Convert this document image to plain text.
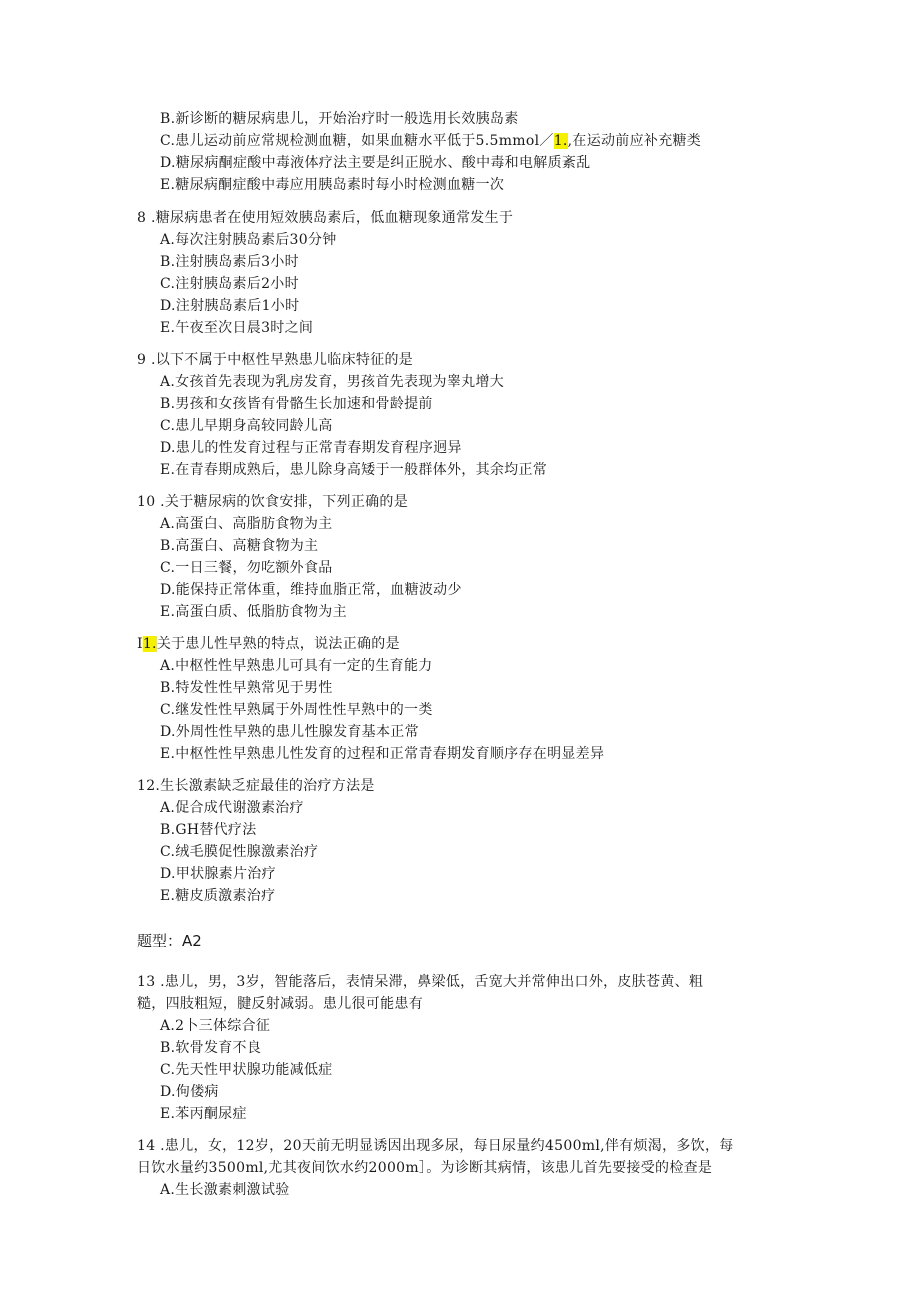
B.新诊断的糖尿病患儿，开始治疗时一般选用长效胰岛素
C.患儿运动前应常规检测血糖，如果血糖水平低于5.5mmol／1.,在运动前应补充糖类
D.糖尿病酮症酸中毒液体疗法主要是纠正脱水、酸中毒和电解质紊乱
E.糖尿病酮症酸中毒应用胰岛素时每小时检测血糖一次
8 .糖尿病患者在使用短效胰岛素后，低血糖现象通常发生于
A.每次注射胰岛素后30分钟
B.注射胰岛素后3小时
C.注射胰岛素后2小时
D.注射胰岛素后1小时
E.午夜至次日晨3时之间
9 .以下不属于中枢性早熟患儿临床特征的是
A.女孩首先表现为乳房发育，男孩首先表现为睾丸增大
B.男孩和女孩皆有骨骼生长加速和骨龄提前
C.患儿早期身高较同龄儿高
D.患儿的性发育过程与正常青春期发育程序迥异
E.在青春期成熟后，患儿除身高矮于一般群体外，其余均正常
10 .关于糖尿病的饮食安排，下列正确的是
A.高蛋白、高脂肪食物为主
B.高蛋白、高糖食物为主
C.一日三餐，勿吃额外食品
D.能保持正常体重，维持血脂正常，血糖波动少
E.高蛋白质、低脂肪食物为主
I1.关于患儿性早熟的特点，说法正确的是
A.中枢性性早熟患儿可具有一定的生育能力
B.特发性性早熟常见于男性
C.继发性性早熟属于外周性性早熟中的一类
D.外周性性早熟的患儿性腺发育基本正常
E.中枢性性早熟患儿性发育的过程和正常青春期发育顺序存在明显差异
12.生长激素缺乏症最佳的治疗方法是
A.促合成代谢激素治疗
B.GH替代疗法
C.绒毛膜促性腺激素治疗
D.甲状腺素片治疗
E.糖皮质激素治疗
题型：A2
13 .患儿，男，3岁，智能落后，表情呆滞，鼻梁低，舌宽大并常伸出口外，皮肤苍黄、粗
糙，四肢粗短，腱反射减弱。患儿很可能患有
A.2卜三体综合征
B.软骨发育不良
C.先天性甲状腺功能减低症
D.佝偻病
E.苯丙酮尿症
14 .患儿，女，12岁，20天前无明显诱因出现多尿，每日尿量约4500ml,伴有烦渴，多饮，每
日饮水量约3500ml,尤其夜间饮水约2000m］。为诊断其病情，该患儿首先要接受的检查是
A.生长激素刺激试验
